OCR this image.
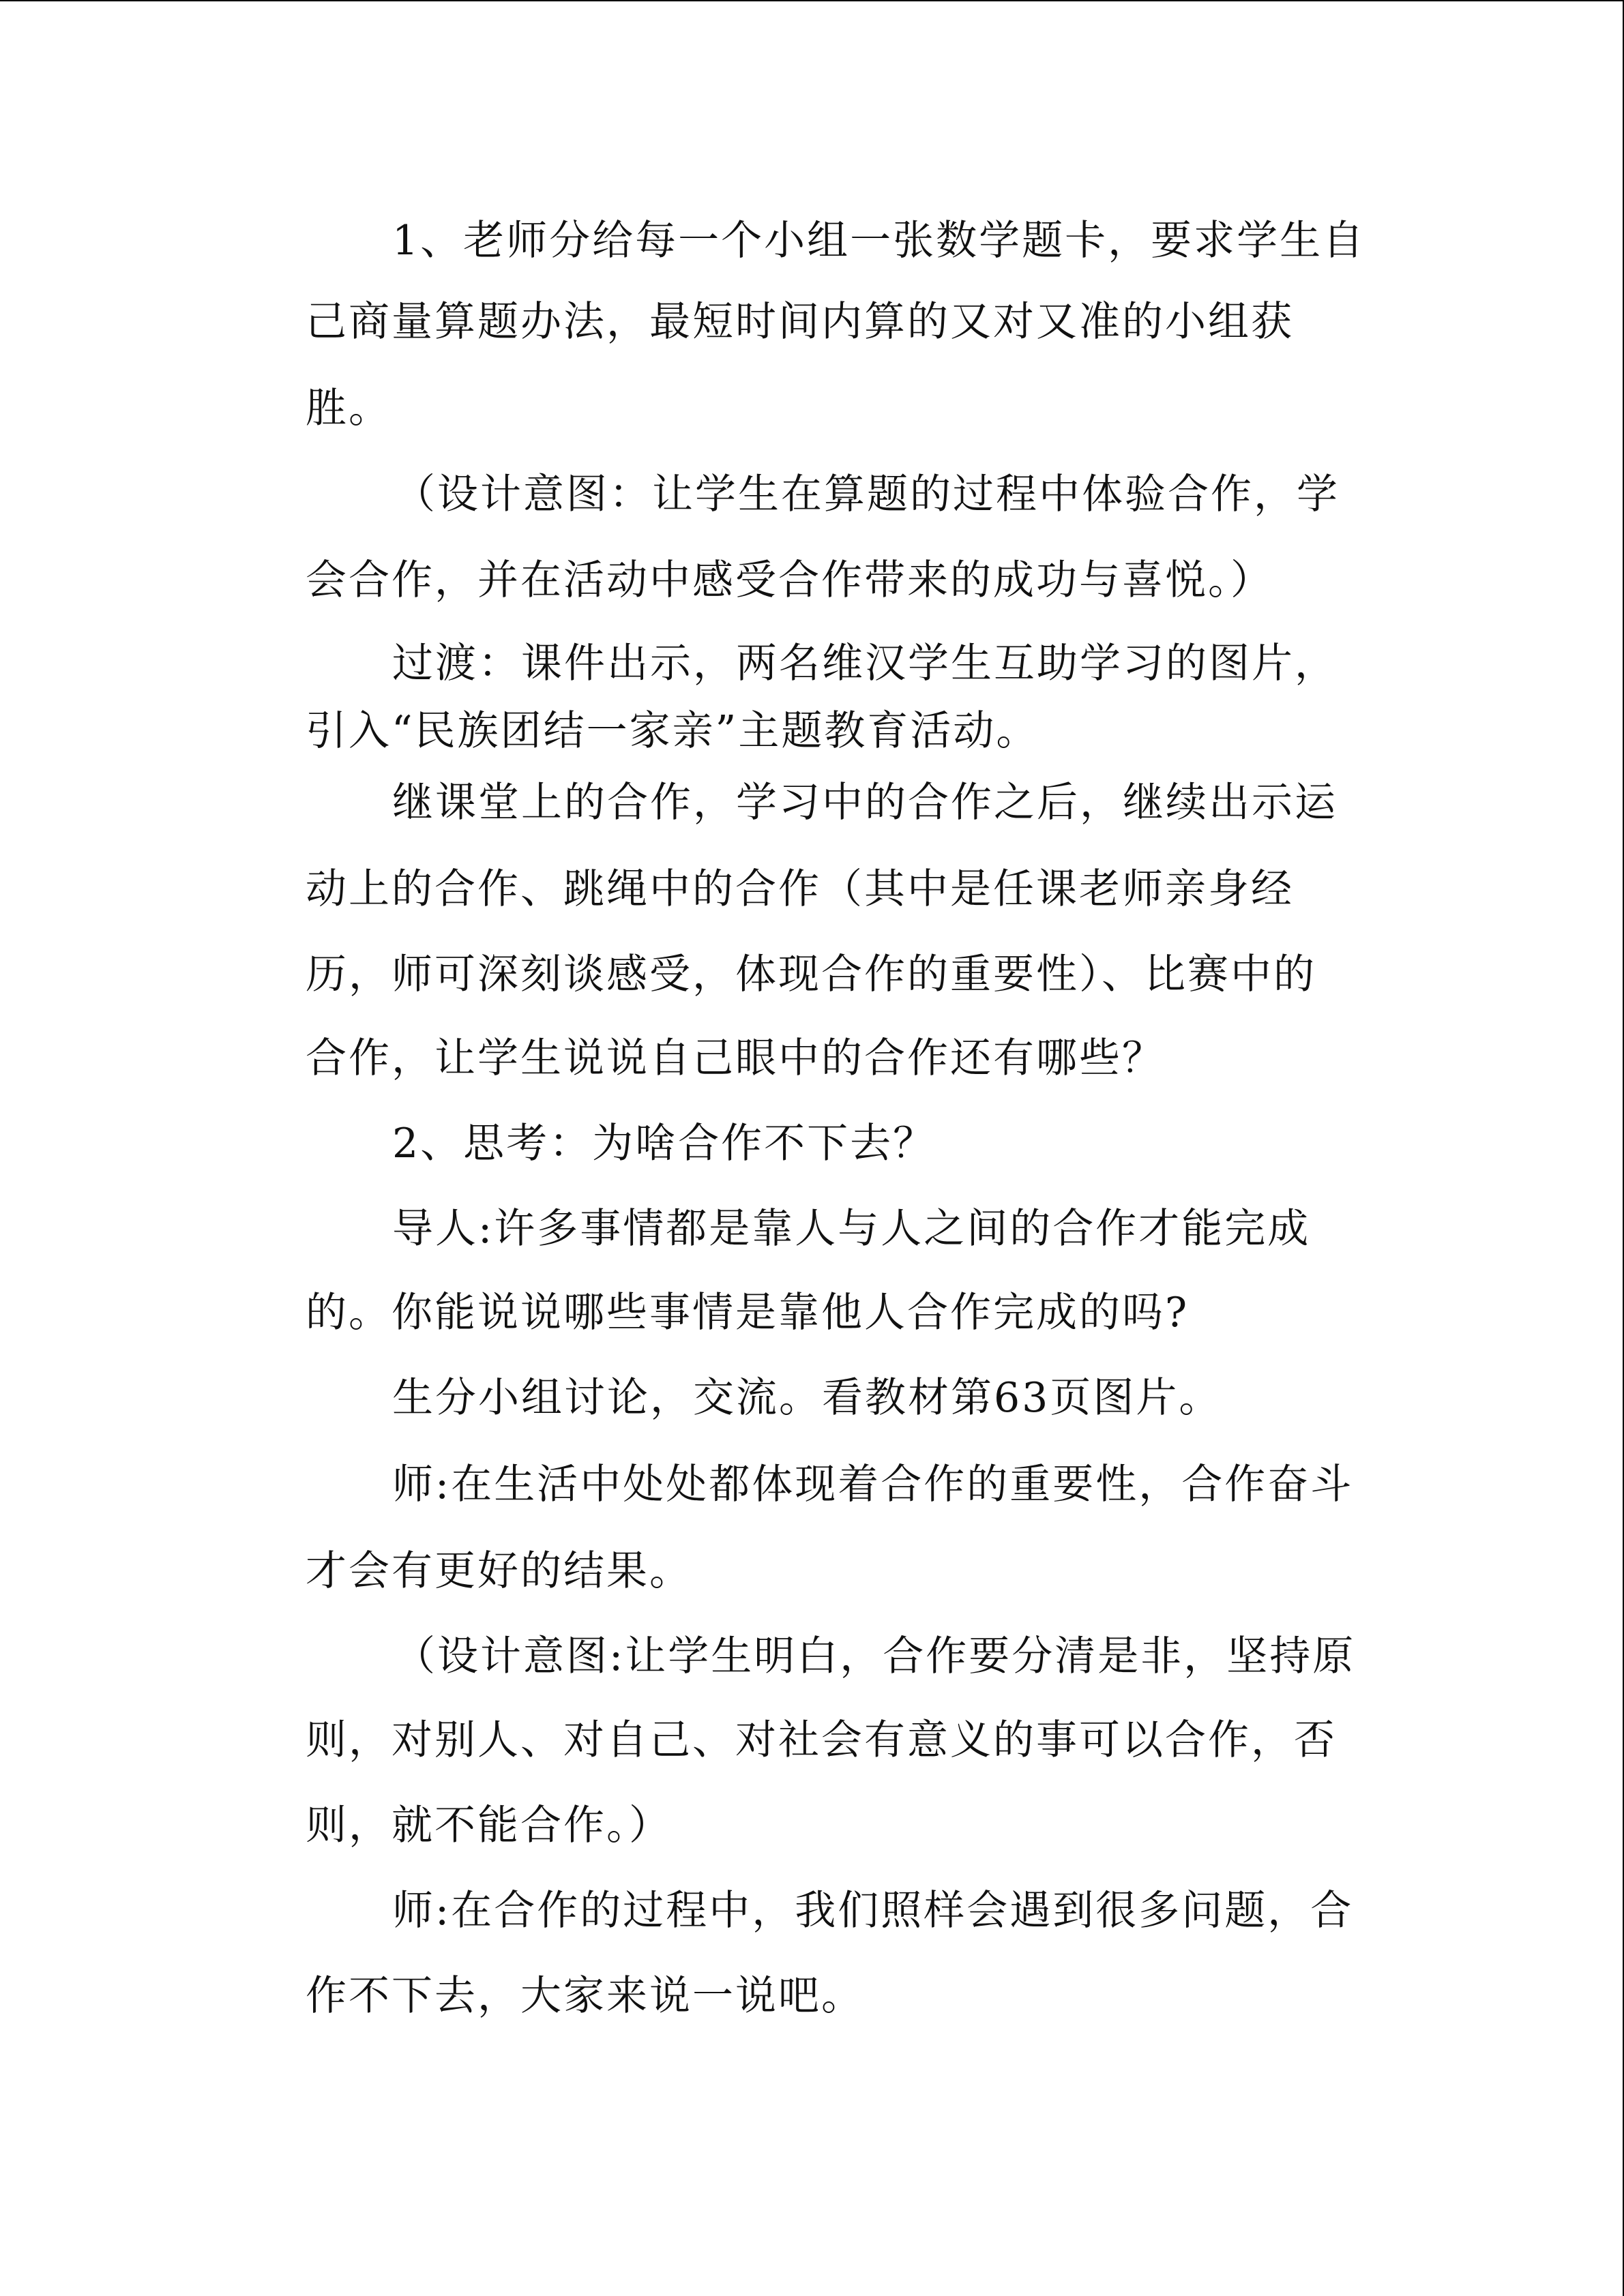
1、老师分给每一个小组一张数学题卡，要求学生自

己商量算题办法，最短时间内算的又对又准的小组获

胜。

（设计意图：让学生在算题的过程中体验合作，学

会合作，并在活动中感受合作带来的成功与喜悦。）

过渡：课件出示，两名维汉学生互助学习的图片，

引入“民族团结一家亲”主题教育活动。

继课堂上的合作，学习中的合作之后，继续出示运

动上的合作、跳绳中的合作（其中是任课老师亲身经

历，师可深刻谈感受，体现合作的重要性）、比赛中的

合作，让学生说说自己眼中的合作还有哪些？

2、思考：为啥合作不下去？

导人:许多事情都是靠人与人之间的合作才能完成

的。你能说说哪些事情是靠他人合作完成的吗?

生分小组讨论，交流。看教材第63页图片。

师:在生活中处处都体现着合作的重要性，合作奋斗

才会有更好的结果。

（设计意图:让学生明白，合作要分清是非，坚持原

则，对别人、对自己、对社会有意义的事可以合作，否

则，就不能合作。）

师:在合作的过程中，我们照样会遇到很多问题，合

作不下去，大家来说一说吧。
